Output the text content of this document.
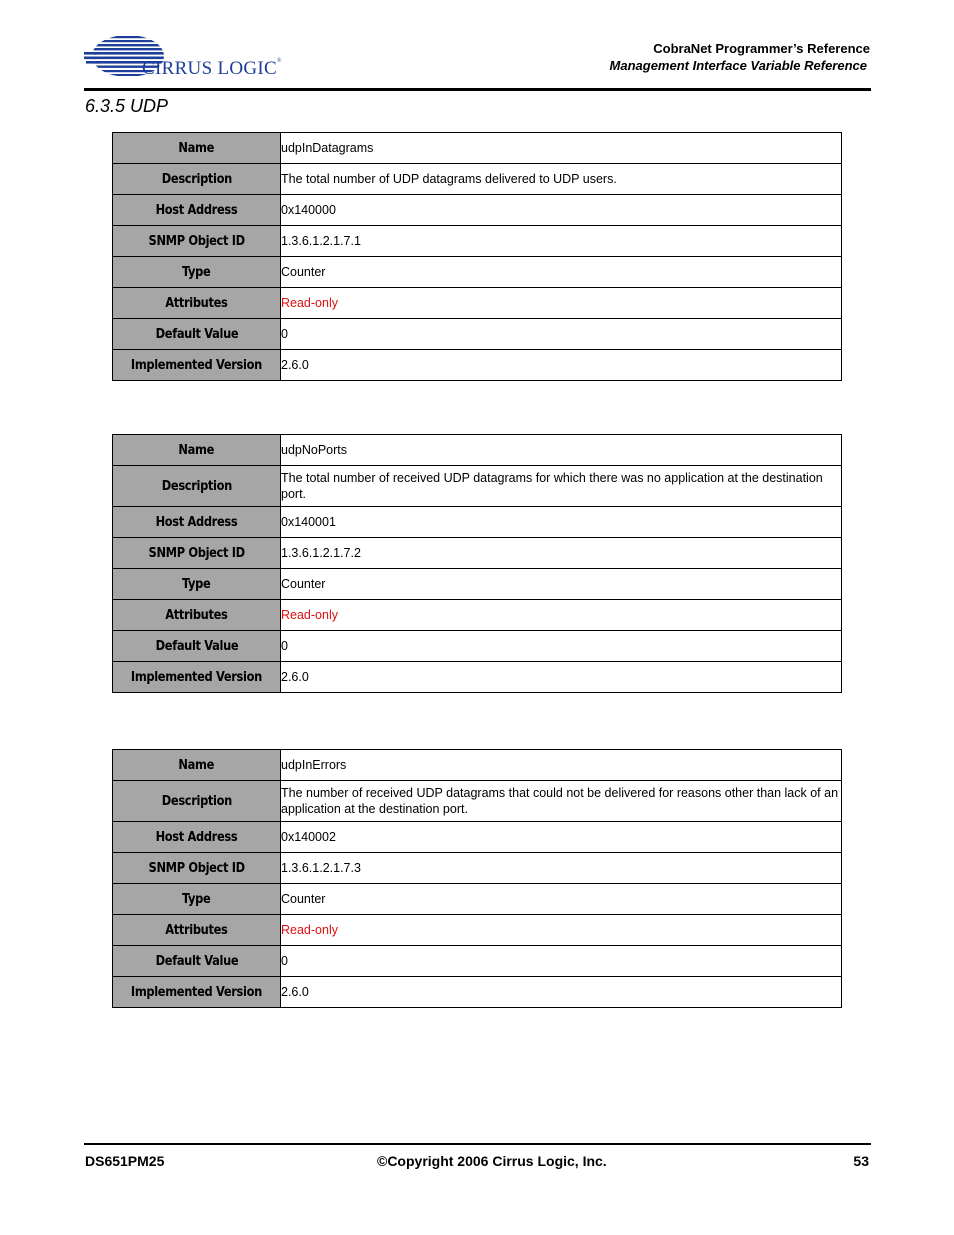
CIRRUS LOGIC®
CobraNet Programmer’s Reference
Management Interface Variable Reference
6.3.5 UDP
Name	udpInDatagrams
Description	The total number of UDP datagrams delivered to UDP users.
Host Address	0x140000
SNMP Object ID	1.3.6.1.2.1.7.1
Type	Counter
Attributes	Read-only
Default Value	0
Implemented Version	2.6.0
Name	udpNoPorts
Description	The total number of received UDP datagrams for which there was no application at the destination port.
Host Address	0x140001
SNMP Object ID	1.3.6.1.2.1.7.2
Type	Counter
Attributes	Read-only
Default Value	0
Implemented Version	2.6.0
Name	udpInErrors
Description	The number of received UDP datagrams that could not be delivered for reasons other than lack of an application at the destination port.
Host Address	0x140002
SNMP Object ID	1.3.6.1.2.1.7.3
Type	Counter
Attributes	Read-only
Default Value	0
Implemented Version	2.6.0
DS651PM25	©Copyright 2006 Cirrus Logic, Inc.	53
